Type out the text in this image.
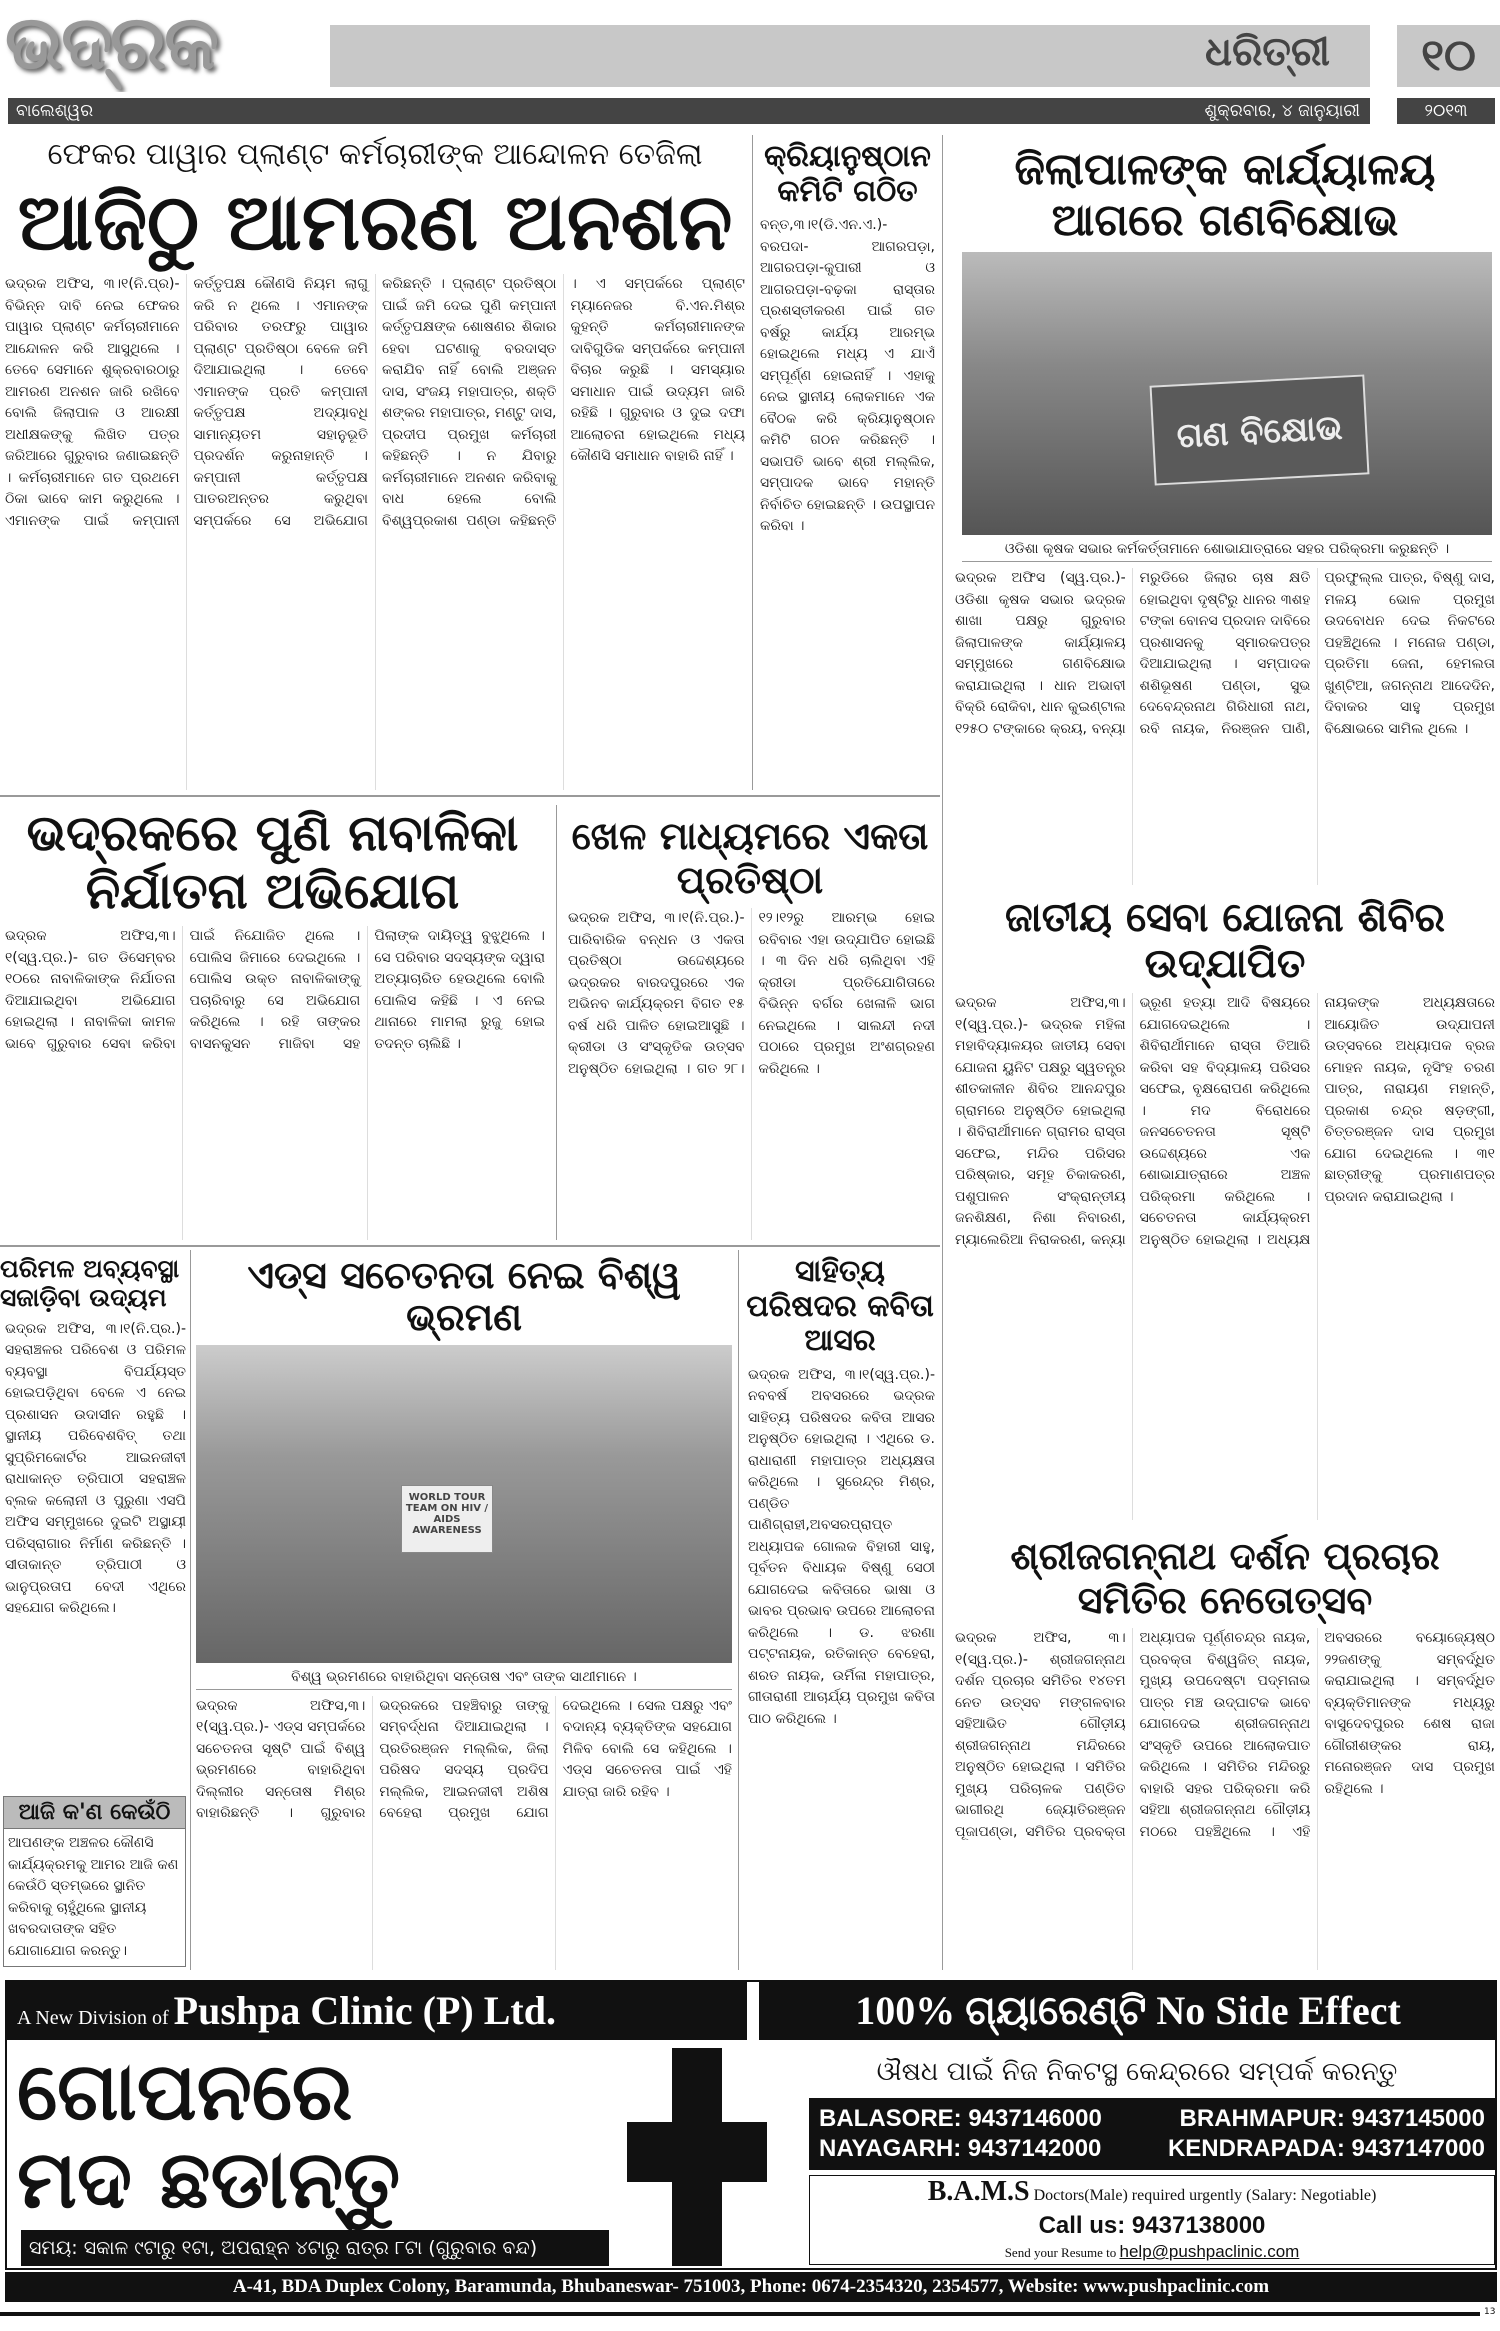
ଭଦ୍ରକ	ଧରିତ୍ରୀ	୧୦
ବାଲେଶ୍ୱର	ଶୁକ୍ରବାର, ୪ ଜାନୁୟାରୀ	୨୦୧୩
ଫେକର ପାୱାର ପ୍ଲାଣ୍ଟ କର୍ମଚାରୀଙ୍କ ଆନ୍ଦୋଳନ ତେଜିଲା
ଆଜିଠୁ ଆମରଣ ଅନଶନ
ଭଦ୍ରକ ଅଫିସ, ୩।୧(ନି.ପ୍ର)- ବିଭିନ୍ନ ଦାବି ନେଇ ଫେକର ପାୱାର ପ୍ଲାଣ୍ଟ କର୍ମଚାରୀମାନେ ଆନ୍ଦୋଳନ କରି ଆସୁଥିଲେ । ତେବେ ସେମାନେ ଶୁକ୍ରବାରଠାରୁ ଆମରଣ ଅନଶନ ଜାରି ରଖିବେ ବୋଲି ଜିଲାପାଳ ଓ ଆରକ୍ଷୀ ଅଧୀକ୍ଷକଙ୍କୁ ଲିଖିତ ପତ୍ର ଜରିଆରେ ଗୁରୁବାର ଜଣାଇଛନ୍ତି । କର୍ମଚାରୀମାନେ ଗତ ପ୍ରଥମେ ଠିକା ଭାବେ କାମ କରୁଥିଲେ । ଏମାନଙ୍କ ପାଇଁ କମ୍ପାନୀ କର୍ତ୍ତୃପକ୍ଷ କୌଣସି ନିୟମ ଲାଗୁ କରି ନ ଥିଲେ । ଏମାନଙ୍କ ପରିବାର ତରଫରୁ ପାୱାର ପ୍ଲାଣ୍ଟ ପ୍ରତିଷ୍ଠା ବେଳେ ଜମି ଦିଆଯାଇଥିଲା । ତେବେ ଏମାନଙ୍କ ପ୍ରତି କମ୍ପାନୀ କର୍ତ୍ତୃପକ୍ଷ ଅଦ୍ୟାବଧି ସାମାନ୍ୟତମ ସହାନୁଭୂତି ପ୍ରଦର୍ଶନ କରୁନାହାନ୍ତି । କମ୍ପାନୀ କର୍ତ୍ତୃପକ୍ଷ ପାତରଅନ୍ତର କରୁଥିବା ସମ୍ପର୍କରେ ସେ ଅଭିଯୋଗ କରିଛନ୍ତି । ପ୍ଲାଣ୍ଟ ପ୍ରତିଷ୍ଠା ପାଇଁ ଜମି ଦେଇ ପୁଣି କମ୍ପାନୀ କର୍ତ୍ତୃପକ୍ଷଙ୍କ ଶୋଷଣର ଶିକାର ହେବା ଘଟଣାକୁ ବରଦାସ୍ତ କରାଯିବ ନାହିଁ ବୋଲି ଅଞ୍ଜନ ଦାସ, ସଂଜୟ ମହାପାତ୍ର, ଶକ୍ତି ଶଙ୍କର ମହାପାତ୍ର, ମଣ୍ଟୁ ଦାସ, ପ୍ରଦୀପ ପ୍ରମୁଖ କର୍ମଚାରୀ କହିଛନ୍ତି । ନ ଯିବାରୁ କର୍ମଚାରୀମାନେ ଅନଶନ କରିବାକୁ ବାଧ ହେଲେ ବୋଲି ବିଶ୍ୱପ୍ରକାଶ ପଣ୍ଡା କହିଛନ୍ତି । ଏ ସମ୍ପର୍କରେ ପ୍ଲାଣ୍ଟ ମ୍ୟାନେଜର ବି.ଏନ.ମିଶ୍ର କୁହନ୍ତି କର୍ମଚାରୀମାନଙ୍କ ଦାବିଗୁଡିକ ସମ୍ପର୍କରେ କମ୍ପାନୀ ବିଚାର କରୁଛି । ସମସ୍ୟାର ସମାଧାନ ପାଇଁ ଉଦ୍ୟମ ଜାରି ରହିଛି । ଗୁରୁବାର ଓ ଦୁଇ ଦଫା ଆଲୋଚନା ହୋଇଥିଲେ ମଧ୍ୟ କୌଣସି ସମାଧାନ ବାହାରି ନାହିଁ ।
କ୍ରିୟାନୁଷ୍ଠାନ କମିଟି ଗଠିତ
ବନ୍ତ,୩।୧(ଡି.ଏନ.ଏ.)- ବରପଦା- ଆଗରପଡ଼ା, ଆଗରପଡ଼ା-କୁପାରୀ ଓ ଆଗରପଡ଼ା-ବଢ଼କା ରାସ୍ତାର ପ୍ରଶସ୍ତୀକରଣ ପାଇଁ ଗତ ବର୍ଷରୁ କାର୍ଯ୍ୟ ଆରମ୍ଭ ହୋଇଥିଲେ ମଧ୍ୟ ଏ ଯାଏଁ ସମ୍ପୂର୍ଣ୍ଣ ହୋଇନାହିଁ । ଏହାକୁ ନେଇ ସ୍ଥାନୀୟ ଲୋକମାନେ ଏକ ବୈଠକ କରି କ୍ରିୟାନୁଷ୍ଠାନ କମିଟି ଗଠନ କରିଛନ୍ତି । ସଭାପତି ଭାବେ ଶ୍ରୀ ମଲ୍ଲିକ, ସମ୍ପାଦକ ଭାବେ ମହାନ୍ତି ନିର୍ବାଚିତ ହୋଇଛନ୍ତି । ଉପସ୍ଥାପନ କରିବା ।
ଜିଲାପାଳଙ୍କ କାର୍ଯ୍ୟାଳୟ ଆଗରେ ଗଣବିକ୍ଷୋଭ
ଗଣ ବିକ୍ଷୋଭ
ଓଡିଶା କୃଷକ ସଭାର କର୍ମକର୍ତ୍ତାମାନେ ଶୋଭାଯାତ୍ରାରେ ସହର ପରିକ୍ରମା କରୁଛନ୍ତି ।
ଭଦ୍ରକ ଅଫିସ (ସ୍ୱ.ପ୍ର.)-ଓଡିଶା କୃଷକ ସଭାର ଭଦ୍ରକ ଶାଖା ପକ୍ଷରୁ ଗୁରୁବାର ଜିଲାପାଳଙ୍କ କାର୍ଯ୍ୟାଳୟ ସମ୍ମୁଖରେ ଗଣବିକ୍ଷୋଭ କରାଯାଇଥିଲା । ଧାନ ଅଭାବୀ ବିକ୍ରି ରୋକିବା, ଧାନ କୁଇଣ୍ଟାଲ ୧୨୫୦ ଟଙ୍କାରେ କ୍ରୟ, ବନ୍ୟା ମରୁଡିରେ ଜିଲାର ଚାଷ କ୍ଷତି ହୋଇଥିବା ଦୃଷ୍ଟିରୁ ଧାନର ୩ଶହ ଟଙ୍କା ବୋନସ ପ୍ରଦାନ ଦାବିରେ ପ୍ରଶାସନକୁ ସ୍ମାରକପତ୍ର ଦିଆଯାଇଥିଲା । ସମ୍ପାଦକ ଶଶିଭୂଷଣ ପଣ୍ଡା, ସୁଭ ଦେବେନ୍ଦ୍ରନାଥ ଗିରିଧାରୀ ନାଥ, ରବି ନାୟକ, ନିରଞ୍ଜନ ପାଣି, ପ୍ରଫୁଲ୍ଲ ପାତ୍ର, ବିଷ୍ଣୁ ଦାସ, ମଳୟ ଭୋଳ ପ୍ରମୁଖ ଉଦବୋଧନ ଦେଇ ନିକଟରେ ପହଞ୍ଚିଥିଲେ । ମନୋଜ ପଣ୍ଡା, ପ୍ରତିମା ଜେନା, ହେମଲତା ଖୁଣ୍ଟିଆ, ଜଗନ୍ନାଥ ଆଦେଦିନ, ଦିବାକର ସାହୁ ପ୍ରମୁଖ ବିକ୍ଷୋଭରେ ସାମିଲ ଥିଲେ ।
ଭଦ୍ରକରେ ପୁଣି ନାବାଳିକା ନିର୍ଯାତନା ଅଭିଯୋଗ
ଭଦ୍ରକ ଅଫିସ,୩।୧(ସ୍ୱ.ପ୍ର.)- ଗତ ଡିସେମ୍ବର ୧୦ରେ ନାବାଳିକାଙ୍କ ନିର୍ଯାତନା ଦିଆଯାଇଥିବା ଅଭିଯୋଗ ହୋଇଥିଲା । ନାବାଳିକା କାମଳ ଭାବେ ଗୁରୁବାର ସେବା କରିବା ପାଇଁ ନିଯୋଜିତ ଥିଲେ । ପୋଲିସ ଜିମାରେ ଦେଇଥିଲେ । ପୋଲିସ ଉକ୍ତ ନାବାଳିକାଙ୍କୁ ପଚାରିବାରୁ ସେ ଅଭିଯୋଗ କରିଥିଲେ । ରହି ତାଙ୍କର ବାସନକୁସନ ମାଜିବା ସହ ପିଲାଙ୍କ ଦାୟିତ୍ୱ ବୁଝୁଥିଲେ । ସେ ପରିବାର ସଦସ୍ୟଙ୍କ ଦ୍ୱାରା ଅତ୍ୟାଚାରିତ ହେଉଥିଲେ ବୋଲି ପୋଲିସ କହିଛି । ଏ ନେଇ ଥାନାରେ ମାମଲା ରୁଜୁ ହୋଇ ତଦନ୍ତ ଚାଲିଛି ।
ଖେଳ ମାଧ୍ୟମରେ ଏକତା ପ୍ରତିଷ୍ଠା
ଭଦ୍ରକ ଅଫିସ, ୩।୧(ନି.ପ୍ର.)- ପାରିବାରିକ ବନ୍ଧନ ଓ ଏକତା ପ୍ରତିଷ୍ଠା ଉଦ୍ଦେଶ୍ୟରେ ଭଦ୍ରକର ବାରଦପୁରରେ ଏକ ଅଭିନବ କାର୍ଯ୍ୟକ୍ରମ ବିଗତ ୧୫ ବର୍ଷ ଧରି ପାଳିତ ହୋଇଆସୁଛି । କ୍ରୀଡା ଓ ସଂସ୍କୃତିକ ଉତ୍ସବ ଅନୁଷ୍ଠିତ ହୋଇଥିଲା । ଗତ ୨୮।୧୨।୧୨ରୁ ଆରମ୍ଭ ହୋଇ ରବିବାର ଏହା ଉଦ୍ଯାପିତ ହୋଇଛି । ୩ ଦିନ ଧରି ଚାଲିଥିବା ଏହି କ୍ରୀଡା ପ୍ରତିଯୋଗିତାରେ ବିଭିନ୍ନ ବର୍ଗର ଖେଳାଳି ଭାଗ ନେଇଥିଲେ । ସାଲନ୍ଦୀ ନଦୀ ପଠାରେ ପ୍ରମୁଖ ଅଂଶଗ୍ରହଣ କରିଥିଲେ ।
ଜାତୀୟ ସେବା ଯୋଜନା ଶିବିର ଉଦ୍ଯାପିତ
ଭଦ୍ରକ ଅଫିସ,୩।୧(ସ୍ୱ.ପ୍ର.)- ଭଦ୍ରକ ମହିଳା ମହାବିଦ୍ୟାଳୟର ଜାତୀୟ ସେବା ଯୋଜନା ୟୁନିଟ ପକ୍ଷରୁ ସ୍ୱତନ୍ତ୍ର ଶୀତକାଳୀନ ଶିବିର ଆନନ୍ଦପୁର ଗ୍ରାମରେ ଅନୁଷ୍ଠିତ ହୋଇଥିଲା । ଶିବିରାର୍ଥୀମାନେ ଗ୍ରାମର ରାସ୍ତା ସଫେଇ, ମନ୍ଦିର ପରିସର ପରିଷ୍କାର, ସମୂହ ଚିକାକରଣ, ପଶୁପାଳନ ସଂକ୍ରାନ୍ତୀୟ ଜନଶିକ୍ଷଣ, ନିଶା ନିବାରଣ, ମ୍ୟାଲେରିଆ ନିରାକରଣ, କନ୍ୟା ଭ୍ରୂଣ ହତ୍ୟା ଆଦି ବିଷୟରେ ଯୋଗଦେଇଥିଲେ । ଶିବିରାର୍ଥୀମାନେ ରାସ୍ତା ତିଆରି କରିବା ସହ ବିଦ୍ୟାଳୟ ପରିସର ସଫେଇ, ବୃକ୍ଷରୋପଣ କରିଥିଲେ । ମଦ ବିରୋଧରେ ଜନସଚେତନତା ସୃଷ୍ଟି ଉଦ୍ଦେଶ୍ୟରେ ଏକ ଶୋଭାଯାତ୍ରାରେ ଅଞ୍ଚଳ ପରିକ୍ରମା କରିଥିଲେ । ସଚେତନତା କାର୍ଯ୍ୟକ୍ରମ ଅନୁଷ୍ଠିତ ହୋଇଥିଲା । ଅଧ୍ୟକ୍ଷ ନାୟକଙ୍କ ଅଧ୍ୟକ୍ଷତାରେ ଆୟୋଜିତ ଉଦ୍ଯାପନୀ ଉତ୍ସବରେ ଅଧ୍ୟାପକ ବ୍ରଜ ମୋହନ ନାୟକ, ନୃସିଂହ ଚରଣ ପାତ୍ର, ନାରାୟଣ ମହାନ୍ତି, ପ୍ରକାଶ ଚନ୍ଦ୍ର ଷଡ଼ଙ୍ଗୀ, ଚିତ୍ତରଞ୍ଜନ ଦାସ ପ୍ରମୁଖ ଯୋଗ ଦେଇଥିଲେ । ୩୧ ଛାତ୍ରୀଙ୍କୁ ପ୍ରମାଣପତ୍ର ପ୍ରଦାନ କରାଯାଇଥିଲା ।
ପରିମଳ ଅବ୍ୟବସ୍ଥା ସଜାଡ଼ିବା ଉଦ୍ୟମ
ଭଦ୍ରକ ଅଫିସ, ୩।୧(ନି.ପ୍ର.)-ସହରାଞ୍ଚଳର ପରିବେଶ ଓ ପରିମଳ ବ୍ୟବସ୍ଥା ବିପର୍ଯ୍ୟସ୍ତ ହୋଇପଡ଼ିଥିବା ବେଳେ ଏ ନେଇ ପ୍ରଶାସନ ଉଦାସୀନ ରହୁଛି । ସ୍ଥାନୀୟ ପରିବେଶବିତ୍ ତଥା ସୁପ୍ରିମକୋର୍ଟର ଆଇନଜୀବୀ ରାଧାକାନ୍ତ ତ୍ରିପାଠୀ ସହରାଞ୍ଚଳ ବ୍ଲକ କଲୋନୀ ଓ ପୁରୁଣା ଏସପି ଅଫିସ ସମ୍ମୁଖରେ ଦୁଇଟି ଅସ୍ଥାୟୀ ପରିସ୍ରାଗାର ନିର୍ମାଣ କରିଛନ୍ତି । ସୀତାକାନ୍ତ ତ୍ରିପାଠୀ ଓ ଭାନୁପ୍ରତାପ ବେଦୀ ଏଥିରେ ସହଯୋଗ କରିଥିଲେ।
ଆଜି କ'ଣ କେଉଁଠି
ଆପଣଙ୍କ ଅଞ୍ଚଳର କୌଣସି କାର୍ଯ୍ୟକ୍ରମକୁ ଆମର ଆଜି କଣ କେଉଁଠି ସ୍ତମ୍ଭରେ ସ୍ଥାନିତ କରିବାକୁ ଚାହୁଁଥିଲେ ସ୍ଥାନୀୟ ଖବରଦାତାଙ୍କ ସହିତ ଯୋଗାଯୋଗ କରନ୍ତୁ।
ଏଡ୍ସ ସଚେତନତା ନେଇ ବିଶ୍ୱ ଭ୍ରମଣ
WORLD TOUR TEAM ON HIV / AIDS AWARENESS
ବିଶ୍ୱ ଭ୍ରମଣରେ ବାହାରିଥିବା ସନ୍ତୋଷ ଏବଂ ତାଙ୍କ ସାଥୀମାନେ ।
ଭଦ୍ରକ ଅଫିସ,୩।୧(ସ୍ୱ.ପ୍ର.)- ଏଡ୍ସ ସମ୍ପର୍କରେ ସଚେତନତା ସୃଷ୍ଟି ପାଇଁ ବିଶ୍ୱ ଭ୍ରମଣରେ ବାହାରିଥିବା ଦିଲ୍ଲୀର ସନ୍ତୋଷ ମିଶ୍ର ବାହାରିଛନ୍ତି । ଗୁରୁବାର ଭଦ୍ରକରେ ପହଞ୍ଚିବାରୁ ତାଙ୍କୁ ସମ୍ବର୍ଦ୍ଧନା ଦିଆଯାଇଥିଲା । ପ୍ରତିରଞ୍ଜନ ମଲ୍ଲିକ, ଜିଲା ପରିଷଦ ସଦସ୍ୟ ପ୍ରଦିପ ମଲ୍ଲିକ, ଆଇନଜୀବୀ ଅଶିଷ ବେହେରା ପ୍ରମୁଖ ଯୋଗ ଦେଇଥିଲେ । ସେଲ ପକ୍ଷରୁ ଏବଂ ବଦାନ୍ୟ ବ୍ୟକ୍ତିଙ୍କ ସହଯୋଗ ମିଳିବ ବୋଲି ସେ କହିଥିଲେ । ଏଡ୍ସ ସଚେତନତା ପାଇଁ ଏହି ଯାତ୍ରା ଜାରି ରହିବ ।
ସାହିତ୍ୟ ପରିଷଦର କବିତା ଆସର
ଭଦ୍ରକ ଅଫିସ, ୩।୧(ସ୍ୱ.ପ୍ର.)-ନବବର୍ଷ ଅବସରରେ ଭଦ୍ରକ ସାହିତ୍ୟ ପରିଷଦର କବିତା ଆସର ଅନୁଷ୍ଠିତ ହୋଇଥିଲା । ଏଥିରେ ଡ. ରାଧାରାଣୀ ମହାପାତ୍ର ଅଧ୍ୟକ୍ଷତା କରିଥିଲେ । ସୁରେନ୍ଦ୍ର ମିଶ୍ର, ପଣ୍ଡିତ ପାଣିଗ୍ରାହୀ,ଅବସରପ୍ରାପ୍ତ ଅଧ୍ୟାପକ ଗୋଲକ ବିହାରୀ ସାହୁ, ପୂର୍ବତନ ବିଧାୟକ ବିଷ୍ଣୁ ସେଠୀ ଯୋଗଦେଇ କବିତାରେ ଭାଷା ଓ ଭାବର ପ୍ରଭାବ ଉପରେ ଆଲୋଚନା କରିଥିଲେ । ଡ. ଝରଣା ପଟ୍ଟନାୟକ, ରତିକାନ୍ତ ବେହେରା, ଶରତ ନାୟକ, ଉର୍ମିଳା ମହାପାତ୍ର, ଗୀତାରାଣୀ ଆଚାର୍ଯ୍ୟ ପ୍ରମୁଖ କବିତା ପାଠ କରିଥିଲେ ।
ଶ୍ରୀଜଗନ୍ନାଥ ଦର୍ଶନ ପ୍ରଚାର ସମିତିର ନେତୋତ୍ସବ
ଭଦ୍ରକ ଅଫିସ, ୩।୧(ସ୍ୱ.ପ୍ର.)- ଶ୍ରୀଜଗନ୍ନାଥ ଦର୍ଶନ ପ୍ରଚାର ସମିତିର ୧୪ତମ ନେତ ଉତ୍ସବ ମଙ୍ଗଳବାର ସହିଆଭିତ ଗୌଡ଼ୀୟ ଶ୍ରୀଜଗନ୍ନାଥ ମନ୍ଦିରରେ ଅନୁଷ୍ଠିତ ହୋଇଥିଲା । ସମିତିର ମୁଖ୍ୟ ପରିଚାଳକ ପଣ୍ଡିତ ଭାଗୀରଥି ଜ୍ୟୋତିରଞ୍ଜନ ପୂଜାପଣ୍ଡା, ସମିତିର ପ୍ରବକ୍ତା ଅଧ୍ୟାପକ ପୂର୍ଣ୍ଣଚନ୍ଦ୍ର ନାୟକ, ପ୍ରବକ୍ତା ବିଶ୍ୱଜିତ୍ ନାୟକ, ମୁଖ୍ୟ ଉପଦେଷ୍ଟା ପଦ୍ମନାଭ ପାତ୍ର ମଞ୍ଚ ଉଦ୍‌ଘାଟକ ଭାବେ ଯୋଗଦେଇ ଶ୍ରୀଜଗନ୍ନାଥ ସଂସ୍କୃତି ଉପରେ ଆଲୋକପାତ କରିଥିଲେ । ସମିତିର ମନ୍ଦିରରୁ ବାହାରି ସହର ପରିକ୍ରମା କରି ସହିଆ ଶ୍ରୀଜଗନ୍ନାଥ ଗୌଡ଼ୀୟ ମଠରେ ପହଞ୍ଚିଥିଲେ । ଏହି ଅବସରରେ ବୟୋଜ୍ୟେଷ୍ଠ ୨୨ଜଣଙ୍କୁ ସମ୍ବର୍ଦ୍ଧିତ କରାଯାଇଥିଲା । ସମ୍ବର୍ଦ୍ଧିତ ବ୍ୟକ୍ତିମାନଙ୍କ ମଧ୍ୟରୁ ବାସୁଦେବପୁରର ଶେଷ ରାଜା ଗୌରୀଶଙ୍କର ରାୟ, ମନୋରଞ୍ଜନ ଦାସ ପ୍ରମୁଖ ରହିଥିଲେ ।
A New Division of Pushpa Clinic (P) Ltd.	100% ଗ୍ୟାରେଣ୍ଟି No Side Effect
ଗୋପନରେ
ମଦ ଛଡାନ୍ତୁ
ସମୟ: ସକାଳ ୯ଟାରୁ ୧ଟା, ଅପରାହ୍ନ ୪ଟାରୁ ରାତ୍ର ୮ଟା (ଗୁରୁବାର ବନ୍ଦ)
ଔଷଧ ପାଇଁ ନିଜ ନିକଟସ୍ଥ କେନ୍ଦ୍ରରେ ସମ୍ପର୍କ କରନ୍ତୁ
BALASORE: 9437146000	BRAHMAPUR: 9437145000
NAYAGARH: 9437142000	KENDRAPADA: 9437147000
B.A.M.S Doctors(Male) required urgently (Salary: Negotiable)
Call us: 9437138000
Send your Resume to help@pushpaclinic.com
A-41, BDA Duplex Colony, Baramunda, Bhubaneswar- 751003, Phone: 0674-2354320, 2354577, Website: www.pushpaclinic.com
13
